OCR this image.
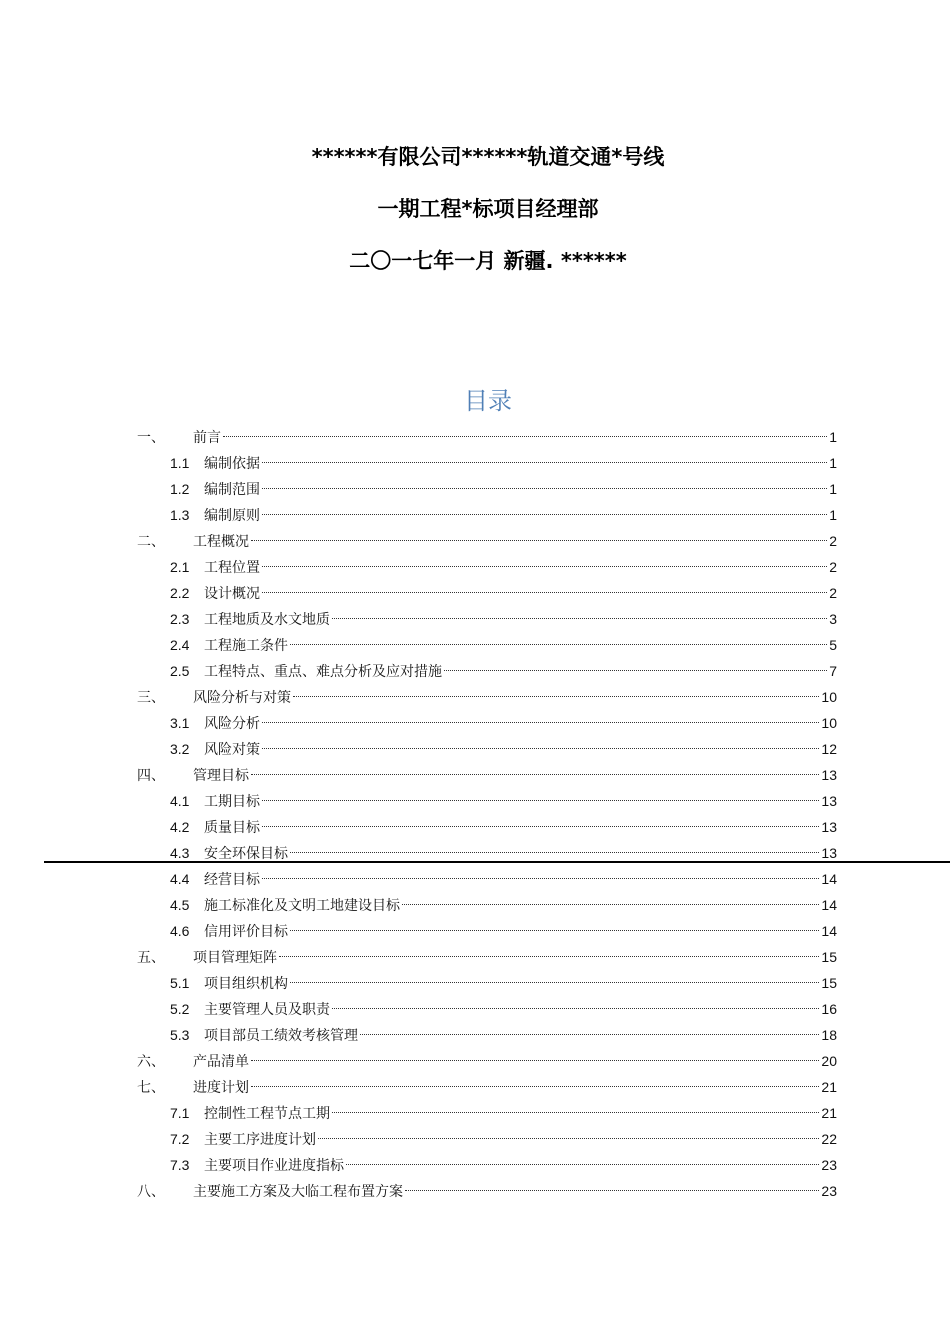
******有限公司******轨道交通*号线
一期工程*标项目经理部
二〇一七年一月 新疆. ******
目录
一、	前言	1
1.1	编制依据	1
1.2	编制范围	1
1.3	编制原则	1
二、	工程概况	2
2.1	工程位置	2
2.2	设计概况	2
2.3	工程地质及水文地质	3
2.4	工程施工条件	5
2.5	工程特点、重点、难点分析及应对措施	7
三、	风险分析与对策	10
3.1	风险分析	10
3.2	风险对策	12
四、	管理目标	13
4.1	工期目标	13
4.2	质量目标	13
4.3	安全环保目标	13
4.4	经营目标	14
4.5	施工标准化及文明工地建设目标	14
4.6	信用评价目标	14
五、	项目管理矩阵	15
5.1	项目组织机构	15
5.2	主要管理人员及职责	16
5.3	项目部员工绩效考核管理	18
六、	产品清单	20
七、	进度计划	21
7.1	控制性工程节点工期	21
7.2	主要工序进度计划	22
7.3	主要项目作业进度指标	23
八、	主要施工方案及大临工程布置方案	23
